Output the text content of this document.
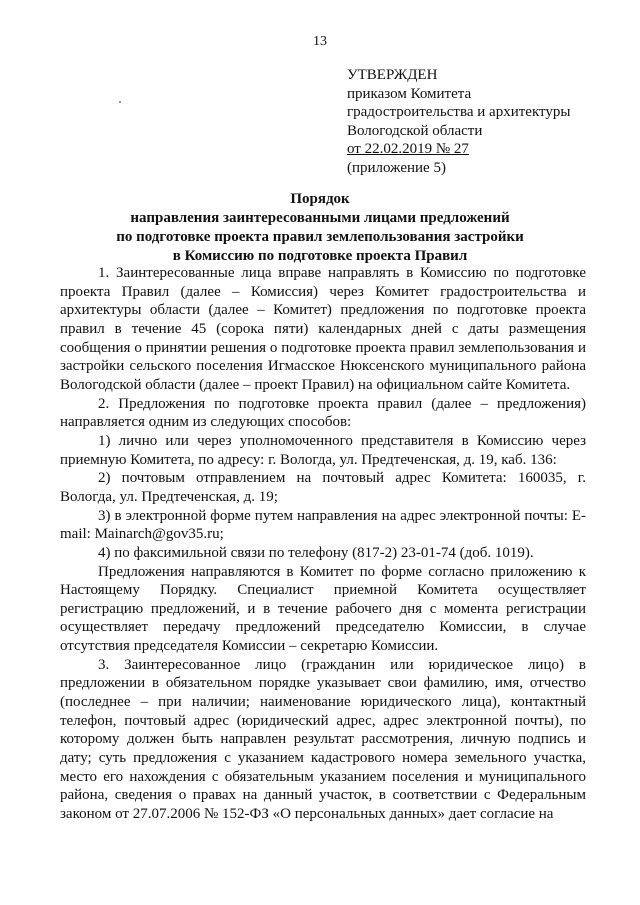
13
УТВЕРЖДЕН
приказом Комитета
градостроительства и архитектуры
Вологодской области
от 22.02.2019 № 27
(приложение 5)
Порядок
направления заинтересованными лицами предложений
по подготовке проекта правил землепользования застройки
в Комиссию по подготовке проекта Правил

1. Заинтересованные лица вправе направлять в Комиссию по подготовке проекта Правил (далее – Комиссия) через Комитет градостроительства и архитектуры области (далее – Комитет) предложения по подготовке проекта правил в течение 45 (сорока пяти) календарных дней с даты размещения сообщения о принятии решения о подготовке проекта правил землепользования и застройки сельского поселения Игмасское Нюксенского муниципального района Вологодской области (далее – проект Правил) на официальном сайте Комитета.

2. Предложения по подготовке проекта правил (далее – предложения) направляется одним из следующих способов:

1) лично или через уполномоченного представителя в Комиссию через приемную Комитета, по адресу: г. Вологда, ул. Предтеченская, д. 19, каб. 136:

2) почтовым отправлением на почтовый адрес Комитета: 160035, г. Вологда, ул. Предтеченская, д. 19;

3) в электронной форме путем направления на адрес электронной почты: E-mail: Mainarch@gov35.ru;

4) по факсимильной связи по телефону (817-2) 23-01-74 (доб. 1019).

Предложения направляются в Комитет по форме согласно приложению к Настоящему Порядку. Специалист приемной Комитета осуществляет регистрацию предложений, и в течение рабочего дня с момента регистрации осуществляет передачу предложений председателю Комиссии, в случае отсутствия председателя Комиссии – секретарю Комиссии.

3. Заинтересованное лицо (гражданин или юридическое лицо) в предложении в обязательном порядке указывает свои фамилию, имя, отчество (последнее – при наличии; наименование юридического лица), контактный телефон, почтовый адрес (юридический адрес, адрес электронной почты), по которому должен быть направлен результат рассмотрения, личную подпись и дату; суть предложения с указанием кадастрового номера земельного участка, место его нахождения с обязательным указанием поселения и муниципального района, сведения о правах на данный участок, в соответствии с Федеральным законом от 27.07.2006 № 152-ФЗ «О персональных данных» дает согласие на
